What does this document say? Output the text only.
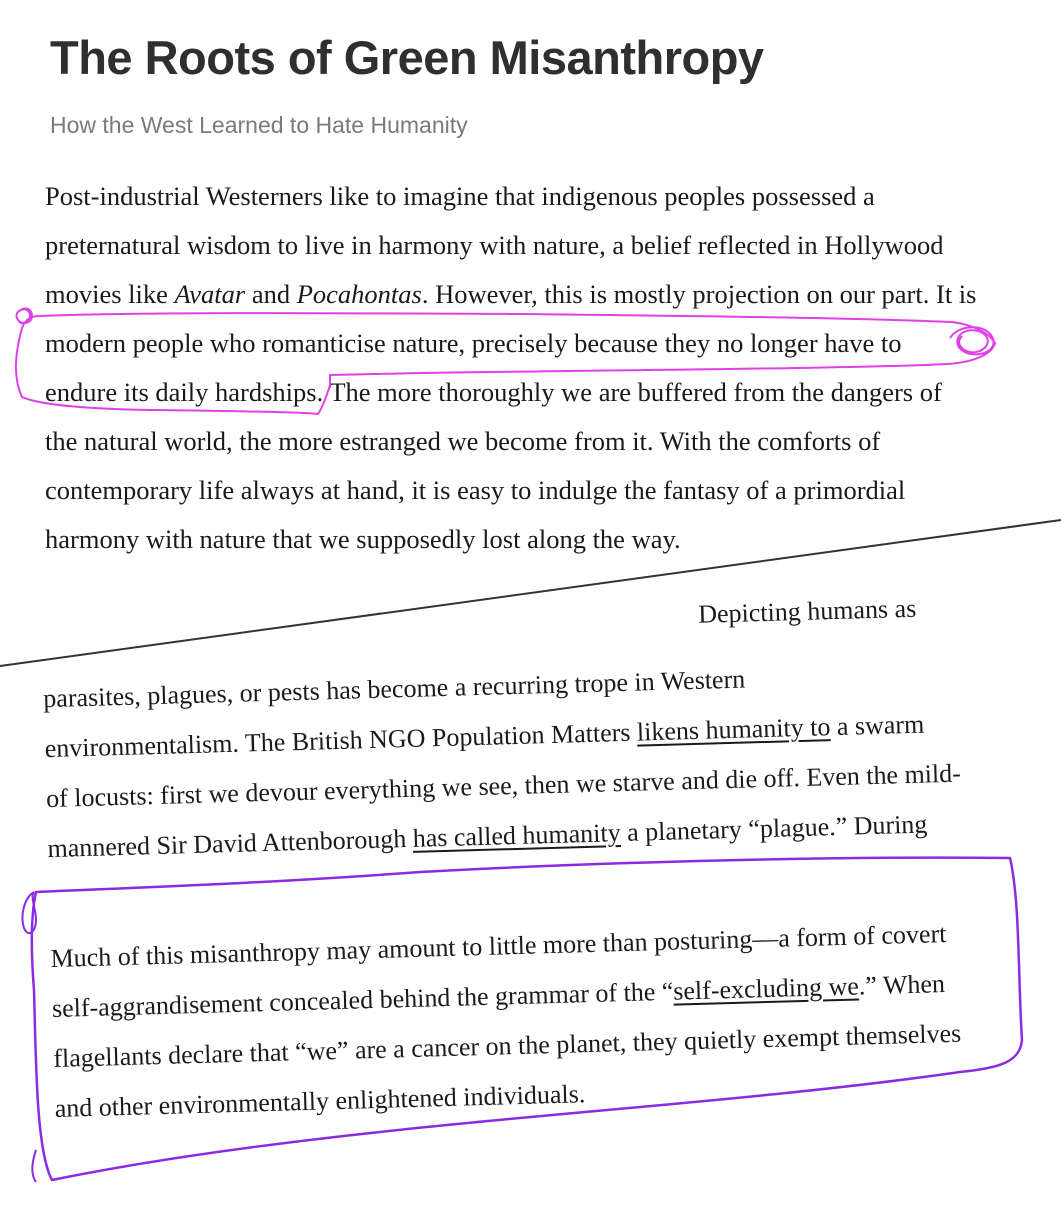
The Roots of Green Misanthropy

How the West Learned to Hate Humanity

Post-industrial Westerners like to imagine that indigenous peoples possessed a
preternatural wisdom to live in harmony with nature, a belief reflected in Hollywood
movies like Avatar and Pocahontas. However, this is mostly projection on our part. It is
modern people who romanticise nature, precisely because they no longer have to
endure its daily hardships. The more thoroughly we are buffered from the dangers of
the natural world, the more estranged we become from it. With the comforts of
contemporary life always at hand, it is easy to indulge the fantasy of a primordial
harmony with nature that we supposedly lost along the way.
Depicting humans as
parasites, plagues, or pests has become a recurring trope in Western
environmentalism. The British NGO Population Matters likens humanity to a swarm
of locusts: first we devour everything we see, then we starve and die off. Even the mild-
mannered Sir David Attenborough has called humanity a planetary “plague.” During
Much of this misanthropy may amount to little more than posturing—a form of covert
self-aggrandisement concealed behind the grammar of the “self-excluding we.” When
flagellants declare that “we” are a cancer on the planet, they quietly exempt themselves
and other environmentally enlightened individuals.
